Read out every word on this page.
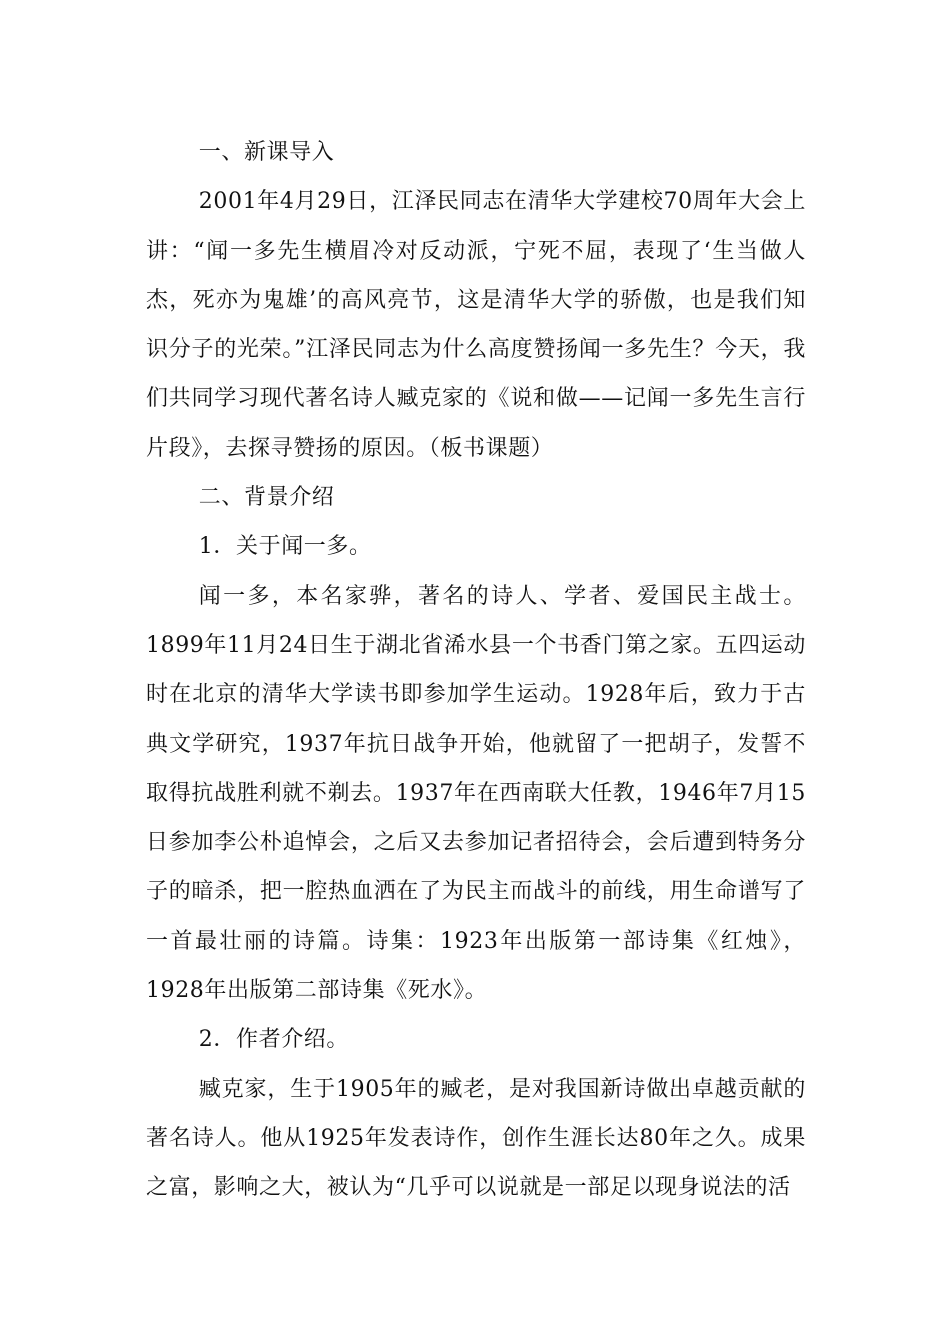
一、新课导入

2001年4月29日，江泽民同志在清华大学建校70周年大会上讲：“闻一多先生横眉冷对反动派，宁死不屈，表现了‘生当做人杰，死亦为鬼雄’的高风亮节，这是清华大学的骄傲，也是我们知识分子的光荣。”江泽民同志为什么高度赞扬闻一多先生？今天，我们共同学习现代著名诗人臧克家的《说和做——记闻一多先生言行片段》，去探寻赞扬的原因。（板书课题）

二、背景介绍

1．关于闻一多。

闻一多，本名家骅，著名的诗人、学者、爱国民主战士。1899年11月24日生于湖北省浠水县一个书香门第之家。五四运动时在北京的清华大学读书即参加学生运动。1928年后，致力于古典文学研究，1937年抗日战争开始，他就留了一把胡子，发誓不取得抗战胜利就不剃去。1937年在西南联大任教，1946年7月15日参加李公朴追悼会，之后又去参加记者招待会，会后遭到特务分子的暗杀，把一腔热血洒在了为民主而战斗的前线，用生命谱写了一首最壮丽的诗篇。诗集：1923年出版第一部诗集《红烛》，1928年出版第二部诗集《死水》。

2．作者介绍。

臧克家，生于1905年的臧老，是对我国新诗做出卓越贡献的著名诗人。他从1925年发表诗作，创作生涯长达80年之久。成果之富，影响之大，被认为“几乎可以说就是一部足以现身说法的活
